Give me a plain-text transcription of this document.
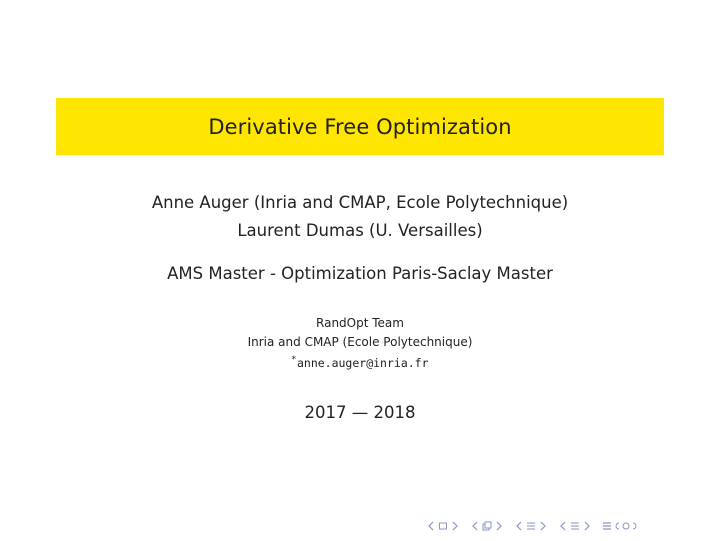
Derivative Free Optimization
Anne Auger (Inria and CMAP, Ecole Polytechnique)
Laurent Dumas (U. Versailles)
AMS Master - Optimization Paris-Saclay Master
RandOpt Team
Inria and CMAP (Ecole Polytechnique)
*anne.auger@inria.fr
2017 — 2018
